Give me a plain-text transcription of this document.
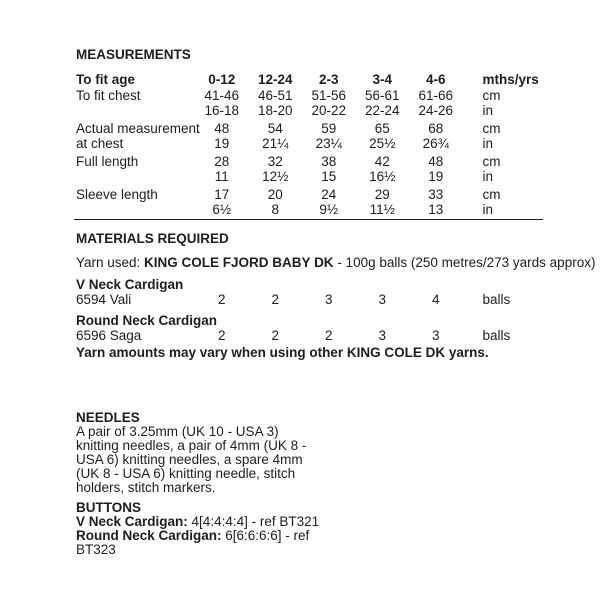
MEASUREMENTS
To fit age	0-12	12-24	2-3	3-4	4-6	mths/yrs
To fit chest	41-46	46-51	51-56	56-61	61-66	cm
16-18	18-20	20-22	22-24	24-26	in
Actual measurement	48	54	59	65	68	cm
at chest	19	21¼	23¼	25½	26¾	in
Full length	28	32	38	42	48	cm
11	12½	15	16½	19	in
Sleeve length	17	20	24	29	33	cm
6½	8	9½	11½	13	in
MATERIALS REQUIRED

Yarn used: KING COLE FJORD BABY DK - 100g balls (250 metres/273 yards approx)

V Neck Cardigan
6594 Vali	2	2	3	3	4	balls
Round Neck Cardigan
6596 Saga	2	2	2	3	3	balls

Yarn amounts may vary when using other KING COLE DK yarns.

NEEDLES
A pair of 3.25mm (UK 10 - USA 3)
knitting needles, a pair of 4mm (UK 8 -
USA 6) knitting needles, a spare 4mm
(UK 8 - USA 6) knitting needle, stitch
holders, stitch markers.
BUTTONS
V Neck Cardigan: 4[4:4:4:4] - ref BT321
Round Neck Cardigan: 6[6:6:6:6] - ref
BT323
